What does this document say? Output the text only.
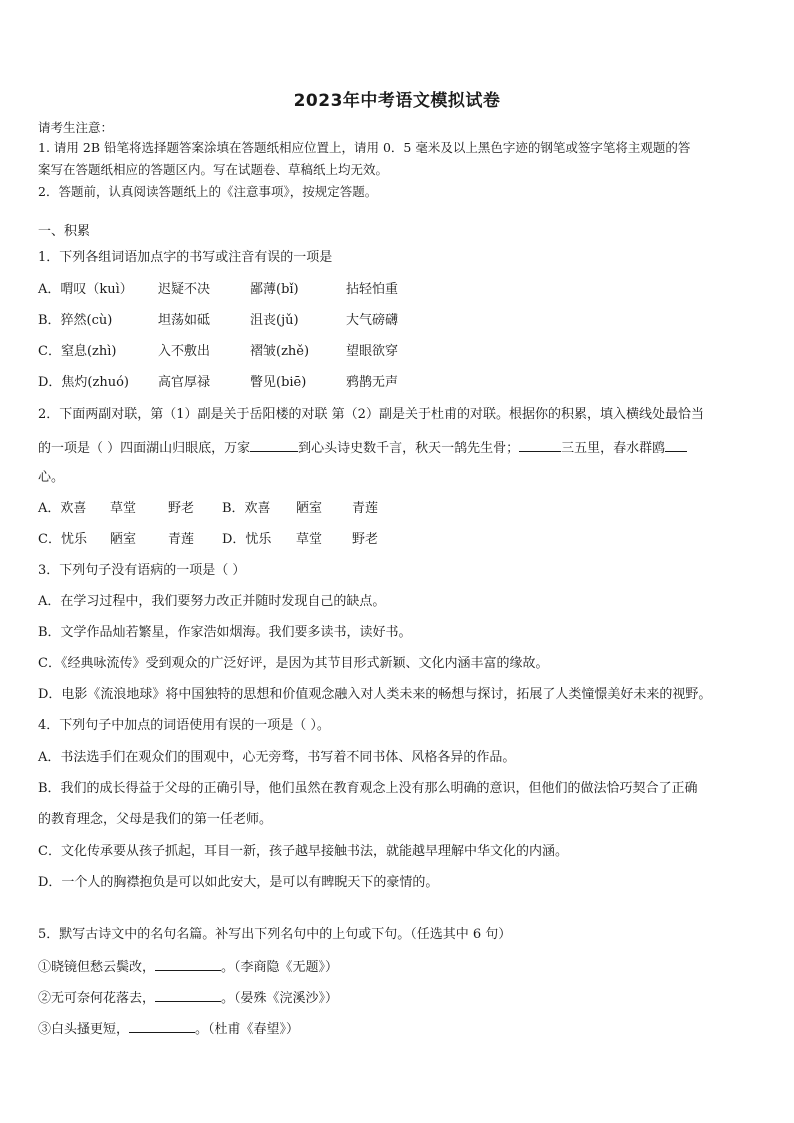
2023年中考语文模拟试卷
请考生注意：
1. 请用 2B 铅笔将选择题答案涂填在答题纸相应位置上，请用 0．5 毫米及以上黑色字迹的钢笔或签字笔将主观题的答
案写在答题纸相应的答题区内。写在试题卷、草稿纸上均无效。
2．答题前，认真阅读答题纸上的《注意事项》，按规定答题。
一、积累
1．下列各组词语加点字的书写或注音有误的一项是
A．喟叹（kuì） 迟疑不决	鄙薄(bǐ)	拈轻怕重
B．猝然(cù)	坦荡如砥	沮丧(jǔ)	大气磅礴
C．窒息(zhì)	入不敷出	褶皱(zhě)	望眼欲穿
D．焦灼(zhuó) 高官厚禄	瞥见(biē)	鸦鹊无声
2．下面两副对联，第（1）副是关于岳阳楼的对联 第（2）副是关于杜甫的对联。根据你的积累，填入横线处最恰当
的一项是（ ）四面湖山归眼底，万家	到心头诗史数千言，秋天一鹄先生骨；	三五里，春水群鸥
心。
A．欢喜 草堂 野老 B．欢喜 陋室 青莲
C．忧乐 陋室 青莲 D．忧乐 草堂 野老
3．下列句子没有语病的一项是（ ）
A．在学习过程中，我们要努力改正并随时发现自己的缺点。
B．文学作品灿若繁星，作家浩如烟海。我们要多读书，读好书。
C．《经典咏流传》受到观众的广泛好评，是因为其节目形式新颖、文化内涵丰富的缘故。
D．电影《流浪地球》将中国独特的思想和价值观念融入对人类未来的畅想与探讨，拓展了人类憧憬美好未来的视野。
4．下列句子中加点的词语使用有误的一项是（ ）。
A．书法选手们在观众们的围观中，心无旁骛，书写着不同书体、风格各异的作品。
B．我们的成长得益于父母的正确引导，他们虽然在教育观念上没有那么明确的意识，但他们的做法恰巧契合了正确
的教育理念，父母是我们的第一任老师。
C．文化传承要从孩子抓起，耳目一新，孩子越早接触书法，就能越早理解中华文化的内涵。
D．一个人的胸襟抱负是可以如此安大，是可以有睥睨天下的豪情的。
5．默写古诗文中的名句名篇。补写出下列名句中的上句或下句。（任选其中 6 句）
①晓镜但愁云鬓改，	。（李商隐《无题》）
②无可奈何花落去，	。（晏殊《浣溪沙》）
③白头搔更短，	。（杜甫《春望》）
